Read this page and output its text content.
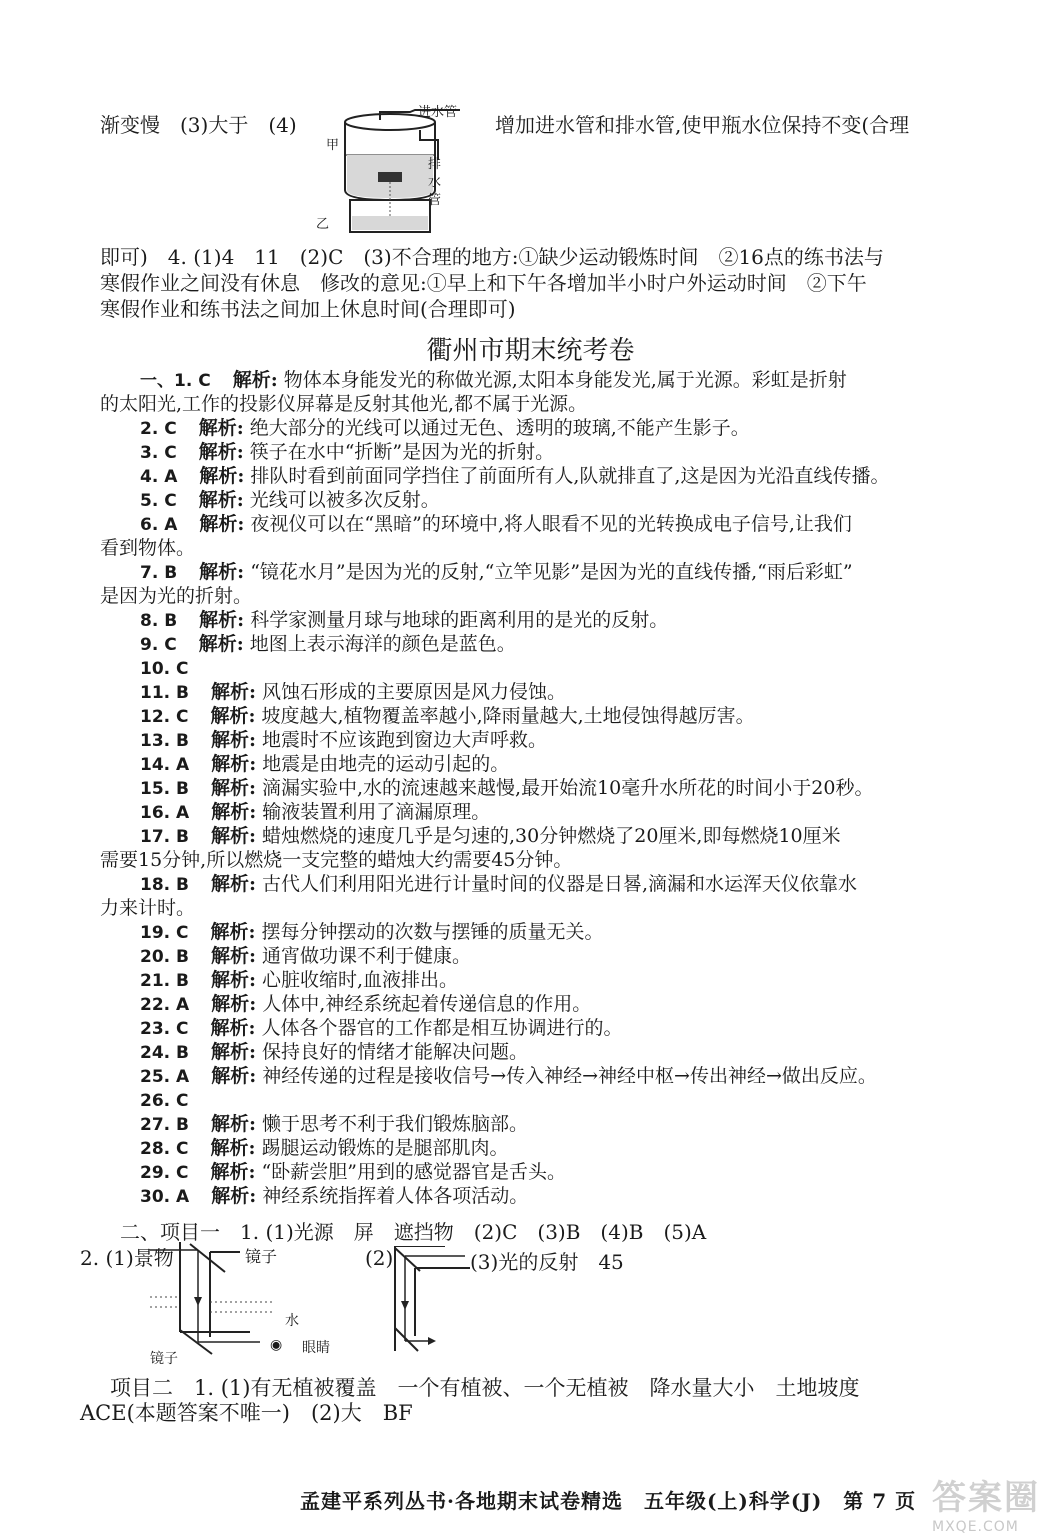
渐变慢　(3)大于　(4)
进水管
甲
排
水
管
乙
增加进水管和排水管,使甲瓶水位保持不变(合理
即可)　4. (1)4　11　(2)C　(3)不合理的地方:①缺少运动锻炼时间　②16点的练书法与
寒假作业之间没有休息　修改的意见:①早上和下午各增加半小时户外运动时间　②下午
寒假作业和练书法之间加上休息时间(合理即可)
衢州市期末统考卷
一、1. C 解析: 物体本身能发光的称做光源,太阳本身能发光,属于光源。彩虹是折射
的太阳光,工作的投影仪屏幕是反射其他光,都不属于光源。
2. C 解析: 绝大部分的光线可以通过无色、透明的玻璃,不能产生影子。
3. C 解析: 筷子在水中“折断”是因为光的折射。
4. A 解析: 排队时看到前面同学挡住了前面所有人,队就排直了,这是因为光沿直线传播。
5. C 解析: 光线可以被多次反射。
6. A 解析: 夜视仪可以在“黑暗”的环境中,将人眼看不见的光转换成电子信号,让我们
看到物体。
7. B 解析: “镜花水月”是因为光的反射,“立竿见影”是因为光的直线传播,“雨后彩虹”
是因为光的折射。
8. B 解析: 科学家测量月球与地球的距离利用的是光的反射。
9. C 解析: 地图上表示海洋的颜色是蓝色。
10. C
11. B 解析: 风蚀石形成的主要原因是风力侵蚀。
12. C 解析: 坡度越大,植物覆盖率越小,降雨量越大,土地侵蚀得越厉害。
13. B 解析: 地震时不应该跑到窗边大声呼救。
14. A 解析: 地震是由地壳的运动引起的。
15. B 解析: 滴漏实验中,水的流速越来越慢,最开始流10毫升水所花的时间小于20秒。
16. A 解析: 输液装置利用了滴漏原理。
17. B 解析: 蜡烛燃烧的速度几乎是匀速的,30分钟燃烧了20厘米,即每燃烧10厘米
需要15分钟,所以燃烧一支完整的蜡烛大约需要45分钟。
18. B 解析: 古代人们利用阳光进行计量时间的仪器是日晷,滴漏和水运浑天仪依靠水
力来计时。
19. C 解析: 摆每分钟摆动的次数与摆锤的质量无关。
20. B 解析: 通宵做功课不利于健康。
21. B 解析: 心脏收缩时,血液排出。
22. A 解析: 人体中,神经系统起着传递信息的作用。
23. C 解析: 人体各个器官的工作都是相互协调进行的。
24. B 解析: 保持良好的情绪才能解决问题。
25. A 解析: 神经传递的过程是接收信号→传入神经→神经中枢→传出神经→做出反应。
26. C
27. B 解析: 懒于思考不利于我们锻炼脑部。
28. C 解析: 踢腿运动锻炼的是腿部肌肉。
29. C 解析: “卧薪尝胆”用到的感觉器官是舌头。
30. A 解析: 神经系统指挥着人体各项活动。
二、项目一　1. (1)光源　屏　遮挡物　(2)C　(3)B　(4)B　(5)A
2. (1)景物	镜子
水
◉ 眼睛
镜子
(2)	(3)光的反射　45
项目二　1. (1)有无植被覆盖　一个有植被、一个无植被　降水量大小　土地坡度
ACE(本题答案不唯一)　(2)大　BF
孟建平系列丛书·各地期末试卷精选　五年级(上)科学(J)　第 7 页 答案圈
MXQE.COM
